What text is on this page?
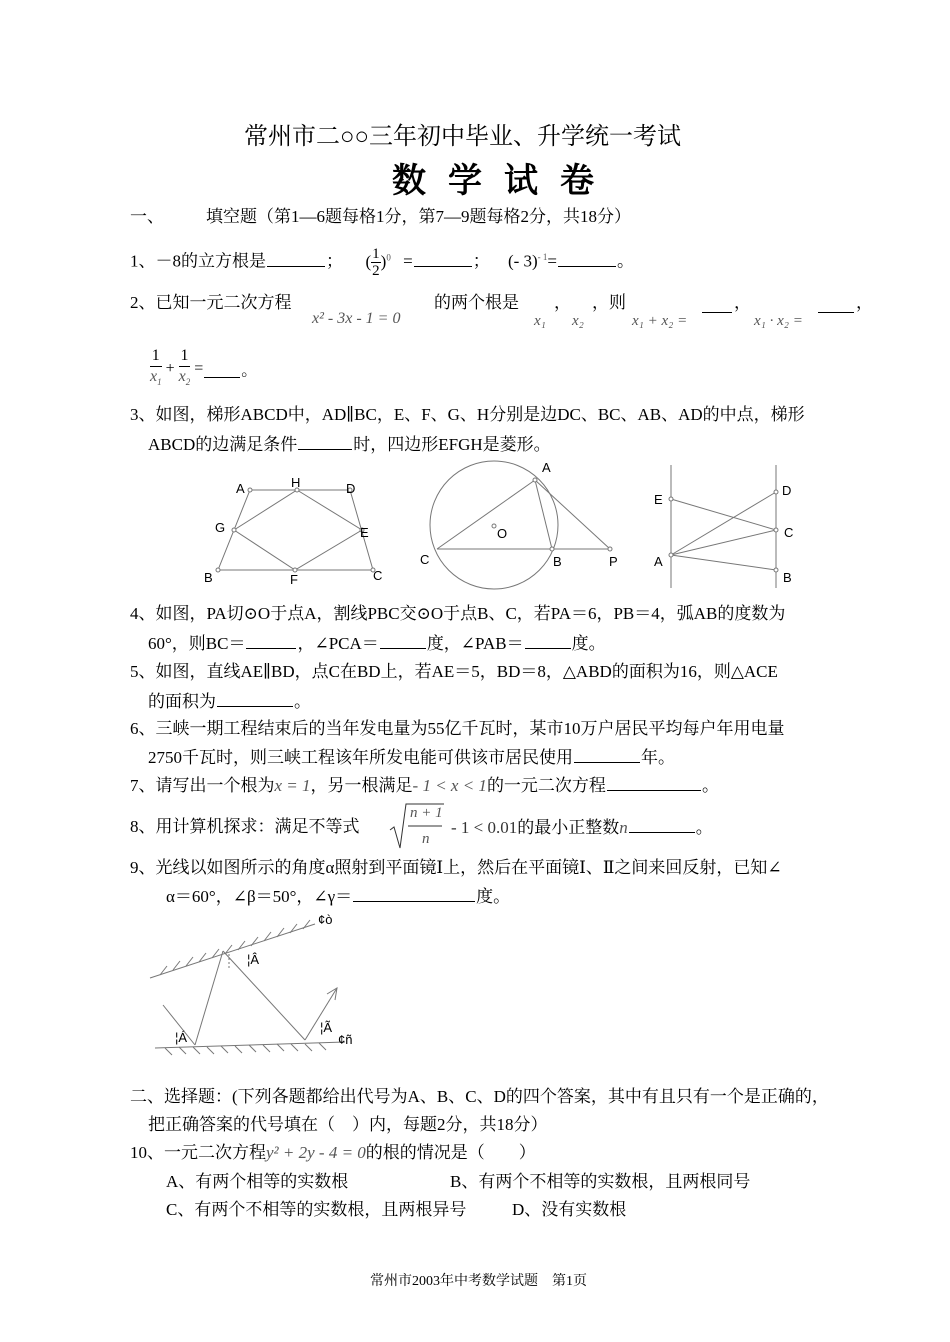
常州市二○○三年初中毕业、升学统一考试
数学试卷
一、 填空题（第1—6题每格1分，第7—9题每格2分，共18分）
1、－8的立方根是	； ( $\frac{1}{2} )^0$ =	； (- 3)$^{- 1}$=	。
2、已知一元二次方程
x² - 3x - 1 = 0
的两个根是
x₁
，
x₂
，则
x₁ + x₂ =
，
x₁ · x₂ =
，
$\frac{1}{x_1} + \frac{1}{x_2}$ = 。
3、如图，梯形ABCD中，AD∥BC，E、F、G、H分别是边DC、BC、AB、AD的中点，梯形
ABCD的边满足条件	时，四边形EFGH是菱形。
A	H	D
G	E
B	F	C
A
O
C	B	P
E
D
C
A
B
4、如图，PA切⊙O于点A，割线PBC交⊙O于点B、C，若PA＝6，PB＝4，弧AB的度数为
60°，则BC＝	，∠PCA＝	度，∠PAB＝	度。
5、如图，直线AE∥BD，点C在BD上，若AE＝5，BD＝8，△ABD的面积为16，则△ACE
的面积为	。
6、三峡一期工程结束后的当年发电量为55亿千瓦时，某市10万户居民平均每户年用电量
2750千瓦时，则三峡工程该年所发电能可供该市居民使用	年。
7、请写出一个根为x = 1，另一根满足- 1 < x < 1的一元二次方程	。
8、用计算机探求：满足不等式
n + 1
n
- 1 < 0.01的最小正整数n	。
9、光线以如图所示的角度α照射到平面镜Ⅰ上，然后在平面镜Ⅰ、Ⅱ之间来回反射，已知∠
α＝60°，∠β＝50°，∠γ＝	度。
¢ò
¦Â
¦Á
¦Ã
¢ñ
二、选择题：(下列各题都给出代号为A、B、C、D的四个答案，其中有且只有一个是正确的，
把正确答案的代号填在（　）内，每题2分，共18分）
10、一元二次方程y² + 2y - 4 = 0的根的情况是（　　）
A、有两个相等的实数根	B、有两个不相等的实数根，且两根同号
C、有两个不相等的实数根，且两根异号	D、没有实数根
常州市2003年中考数学试题　第1页
